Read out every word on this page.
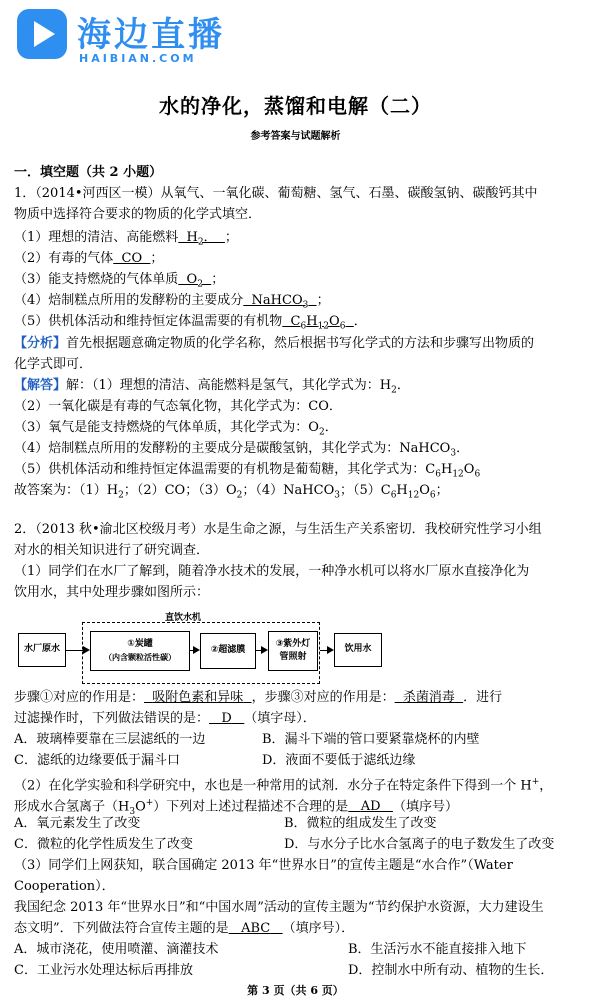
海边直播
HAIBIAN.COM
水的净化，蒸馏和电解（二）
参考答案与试题解析
一．填空题（共 2 小题）
1．（2014•河西区一模）从氧气、一氧化碳、葡萄糖、氢气、石墨、碳酸氢钠、碳酸钙其中
物质中选择符合要求的物质的化学式填空．
（1）理想的清洁、高能燃料  $H_2$．  ；
（2）有毒的气体  CO  ；
（3）能支持燃烧的气体单质  $O_2$ ；
（4）焙制糕点所用的发酵粉的主要成分  NaHCO$_3$ ；
（5）供机体活动和维持恒定体温需要的有机物  $C_6H_{12}O_6$ ．
【分析】首先根据题意确定物质的化学名称，然后根据书写化学式的方法和步骤写出物质的
化学式即可．
【解答】解：（1）理想的清洁、高能燃料是氢气，其化学式为：$H_2$．
（2）一氧化碳是有毒的气态氧化物，其化学式为：CO．
（3）氧气是能支持燃烧的气体单质，其化学式为：$O_2$．
（4）焙制糕点所用的发酵粉的主要成分是碳酸氢钠，其化学式为：NaHCO$_3$．
（5）供机体活动和维持恒定体温需要的有机物是葡萄糖，其化学式为：$C_6H_{12}O_6$
故答案为：$(1)H_2$；（2）CO；$(3)O_2$；（4）NaHCO$_3$；$(5)C_6H_{12}O_6$；
2．（2013 秋•渝北区校级月考）水是生命之源，与生活生产关系密切．我校研究性学习小组
对水的相关知识进行了研究调查．
（1）同学们在水厂了解到，随着净水技术的发展，一种净水机可以将水厂原水直接净化为
饮用水，其中处理步骤如图所示：
直饮水机
水厂原水	①炭罐
（内含颗粒活性碳）
②超滤膜
③紫外灯
管照射
饮用水
步骤①对应的作用是： 吸附色素和异味 ，步骤③对应的作用是： 杀菌消毒 ．进行
过滤操作时，下列做法错误的是： D （填字母）．
A．玻璃棒要靠在三层滤纸的一边	B．漏斗下端的管口要紧靠烧杯的内壁
C．滤纸的边缘要低于漏斗口	D．液面不要低于滤纸边缘
（2）在化学实验和科学研究中，水也是一种常用的试剂．水分子在特定条件下得到一个 H+，
形成水合氢离子$(H_3O^+)$下列对上述过程描述不合理的是 AD （填序号）
A．氧元素发生了改变	B．微粒的组成发生了改变
C．微粒的化学性质发生了改变	D．与水分子比水合氢离子的电子数发生了改变
（3）同学们上网获知，联合国确定 2013 年“世界水日”的宣传主题是“水合作”（Water
Cooperation）．
我国纪念 2013 年“世界水日”和“中国水周”活动的宣传主题为“节约保护水资源，大力建设生
态文明”．下列做法符合宣传主题的是 ABC （填序号）．
A．城市浇花，使用喷灌、滴灌技术	B．生活污水不能直接排入地下
C．工业污水处理达标后再排放	D．控制水中所有动、植物的生长．
第 3 页（共 6 页）
